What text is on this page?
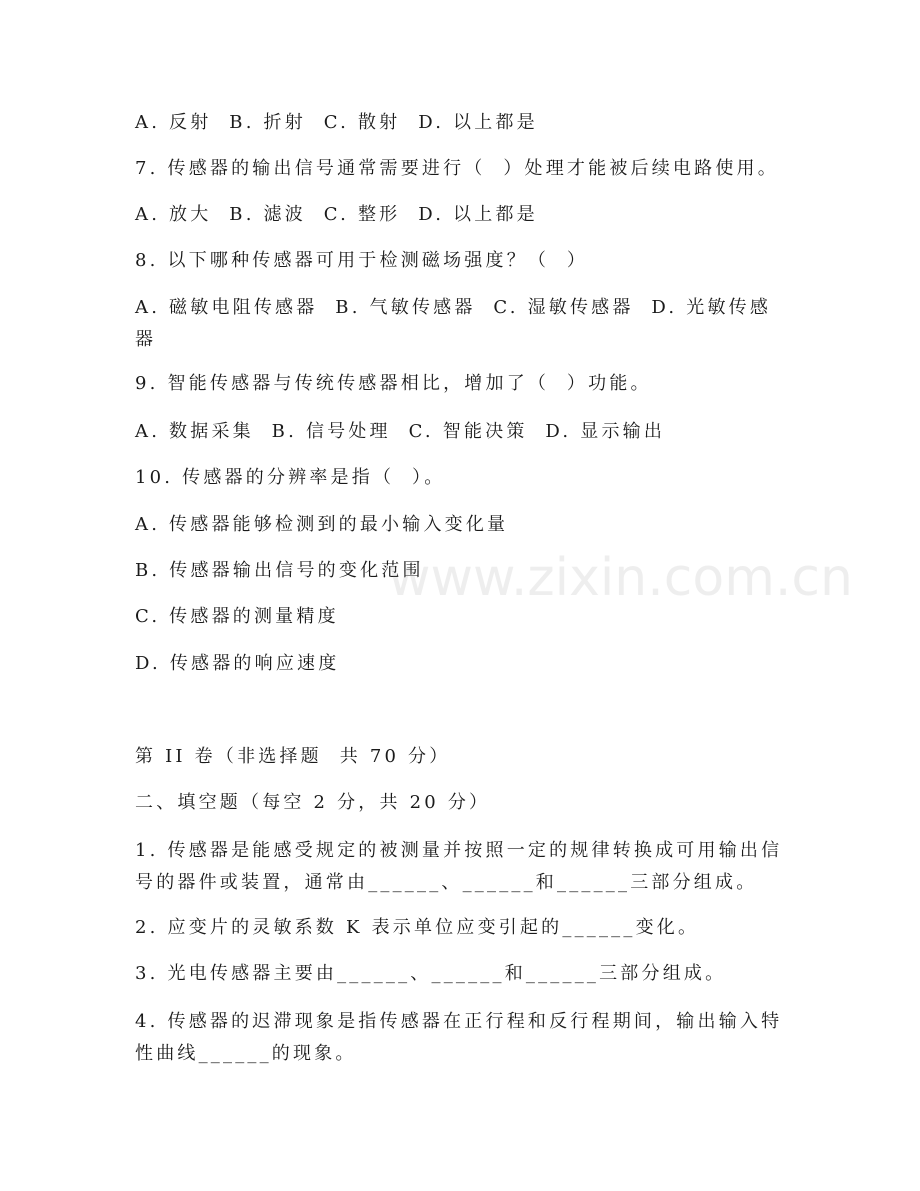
A. 反射  B. 折射  C. 散射  D. 以上都是
7. 传感器的输出信号通常需要进行（  ）处理才能被后续电路使用。
A. 放大  B. 滤波  C. 整形  D. 以上都是
8. 以下哪种传感器可用于检测磁场强度？（  ）
A. 磁敏电阻传感器  B. 气敏传感器  C. 湿敏传感器  D. 光敏传感器
9. 智能传感器与传统传感器相比，增加了（  ）功能。
A. 数据采集  B. 信号处理  C. 智能决策  D. 显示输出
10. 传感器的分辨率是指（  ）。
A. 传感器能够检测到的最小输入变化量
B. 传感器输出信号的变化范围
C. 传感器的测量精度
D. 传感器的响应速度
第 II 卷（非选择题  共 70 分）
二、填空题（每空 2 分，共 20 分）
1. 传感器是能感受规定的被测量并按照一定的规律转换成可用输出信号的器件或装置，通常由______、______和______三部分组成。
2. 应变片的灵敏系数 K 表示单位应变引起的______变化。
3. 光电传感器主要由______、______和______三部分组成。
4. 传感器的迟滞现象是指传感器在正行程和反行程期间，输出输入特性曲线______的现象。
www.zixin.com.cn
